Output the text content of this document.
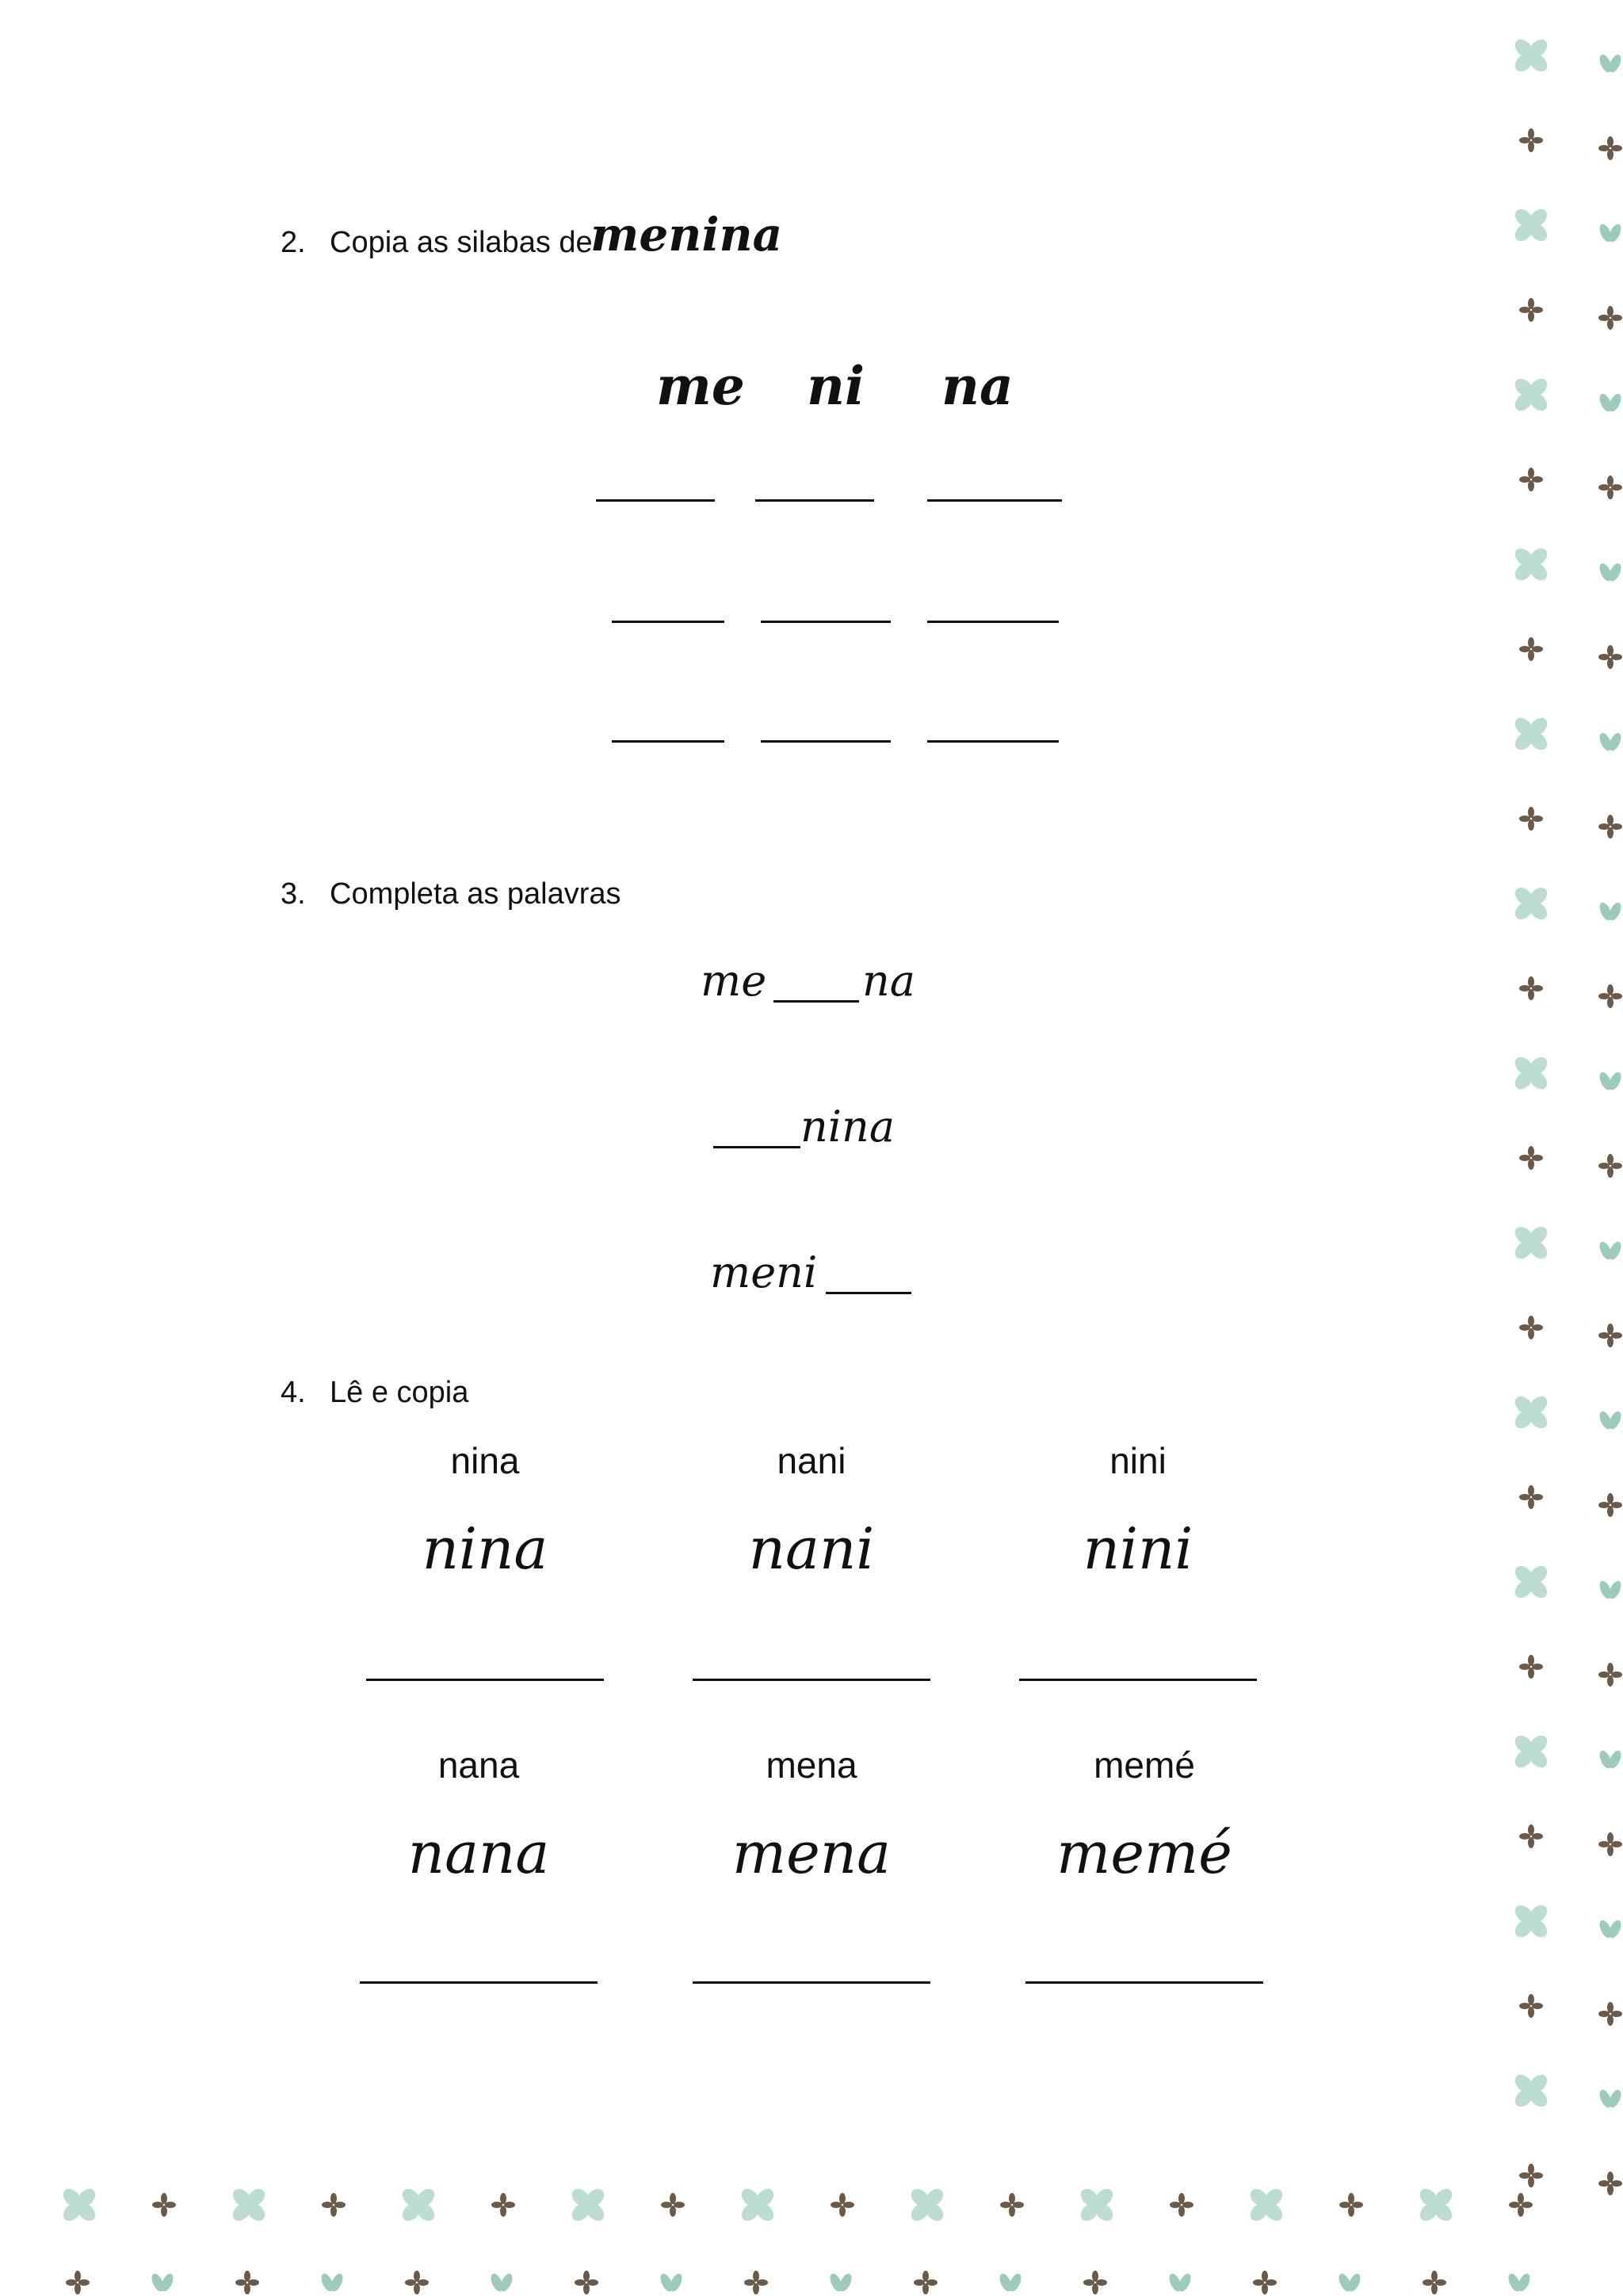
2. Copia as silabas de
menina
me ni na
3. Completa as palavras
me na
nina
meni
4. Lê e copia
nina	nani	nini
nina	nani	nini
nana	mena	memé
nana	mena	memé
